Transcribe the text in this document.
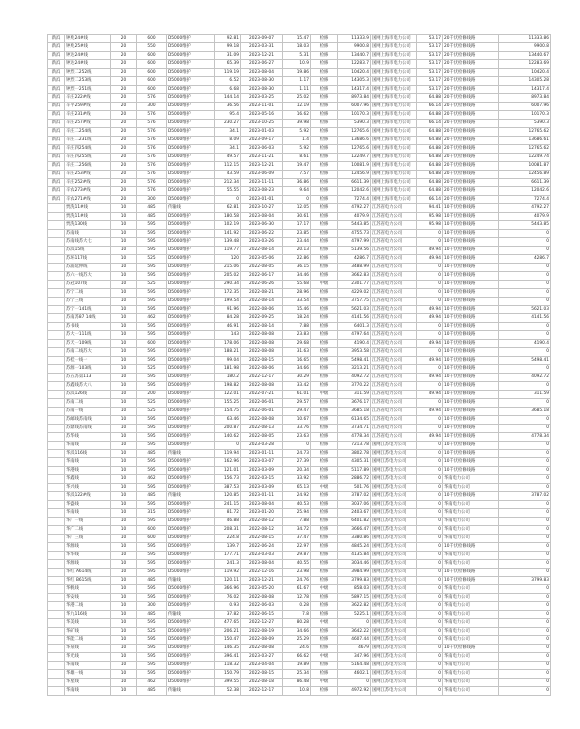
新浜	钟兆24#线	20	600	D5000维护	92.81	2023-09-07	15.47	检修	11333.9	国网上海市电力公司	53.17	20千伏检修线路	11333.86
新浜	钟兆25#线	20	550	D5000维护	99.18	2023-03-31	18.03	检修	9900.8	国网上海市电力公司	53.17	20千伏检修线路	9900.8
新浜	钟达24#线	20	600	D5000维护	31.09	2023-12-21	5.31	检修	13440.7	国网上海市电力公司	53.17	20千伏检修线路	13440.67
新浜	钟达24#线	20	600	D5000维护	65.39	2023-06-27	10.9	检修	12283.7	国网上海市电力公司	53.17	20千伏检修线路	12283.69
新浜	钟烈二252线	20	600	D5000维护	119.19	2023-08-04	19.86	检修	10420.4	国网上海市电力公司	53.17	20千伏检修线路	10420.4
新浜	钟烈二253线	20	600	D5000维护	6.52	2023-08-30	1.17	检修	14305.3	国网上海市电力公司	53.17	20千伏检修线路	14305.28
新浜	钟烈一251线	20	600	D5000维护	6.68	2023-08-30	1.11	检修	14317.4	国网上海市电力公司	53.17	20千伏检修线路	14317.4
新浜	辛庄222#线	20	576	D5000维护	144.14	2023-03-25	25.02	检修	8973.84	国网上海市电力公司	64.88	20千伏检修线路	8973.84
新浜	辛平259#线	20	300	D5000维护	36.56	2023-11-01	12.19	检修	6007.96	国网上海市电力公司	66.14	20千伏检修线路	6007.96
新浜	辛庄231#线	20	576	D5000维护	95.4	2023-05-16	16.62	检修	10170.3	国网上海市电力公司	64.88	20千伏检修线路	10170.3
新浜	辛庄257#线	20	576	D5000维护	230.27	2023-10-25	39.98	检修	5390.3	国网上海市电力公司	66.14	20千伏检修线路	5390.3
新浜	辛庄二254线	20	576	D5000维护	34.1	2023-01-03	5.92	检修	12765.6	国网上海市电力公司	64.88	20千伏检修线路	12765.62
新浜	辛庄二231线	20	576	D5000维护	8.09	2023-09-17	1.4	检修	13686.6	国网上海市电力公司	64.88	20千伏检修线路	13686.61
新浜	辛庄四254线	20	576	D5000维护	34.1	2023-06-03	5.92	检修	12765.6	国网上海市电力公司	64.88	20千伏检修线路	12765.62
新浜	辛庄四255线	20	576	D5000维护	49.57	2023-11-21	8.61	检修	12249.7	国网上海市电力公司	64.88	20千伏检修线路	12249.74
新浜	辛庄二256线	20	576	D5000维护	112.15	2023-12-21	19.47	检修	10081.9	国网上海市电力公司	64.88	20千伏检修线路	10081.87
新浜	辛庄253#线	20	576	D5000维护	43.59	2023-06-09	7.57	检修	12456.9	国网上海市电力公司	64.88	20千伏检修线路	12456.89
新浜	辛庄252#线	20	576	D5000维护	212.34	2023-11-11	36.86	检修	6611.39	国网上海市电力公司	64.88	20千伏检修线路	6611.39
新浜	辛农273#线	20	576	D5000维护	55.55	2023-08-23	9.64	检修	12042.6	国网上海市电力公司	64.88	20千伏检修线路	12042.6
新浜	辛农271#线	20	300	D5000维护	0	2023-01-01	0	检修	7274.4	国网上海市电力公司	66.14	20千伏检修线路	7274.4
	贾洗11#线	10	485	传输线	62.81	2023-10-27	12.05	检修	4792.27	江苏省电力公司	94.41	10千伏检修线路	4792.27
	贾洗11#线	10	485	D5000维护	180.58	2023-08-04	30.61	检修	4079.9	江苏省电力公司	95.98	10千伏检修线路	4079.9
	贾洗130线	10	595	D5000维护	102.19	2023-06-30	17.17	检修	5443.85	江苏省电力公司	95.98	10千伏检修线路	5443.85
	苏南线	10	595	D5000维护	141.92	2023-06-22	23.85	检修	4755.73	江苏省电力公司	0	10千伏检修线路	0
	苏南线苏大七	10	595	D5000维护	139.48	2023-03-26	23.44	检修	4797.99	江苏省电力公司	0	10千伏检修线路	0
	苏浜15线	10	595	D5000维护	119.77	2022-08-14	20.13	检修	5139.56	江苏省电力公司	49.94	10千伏检修线路	0
	苏环117线	10	525	D5000维护	120	2023-05-06	22.86	检修	4286.7	江苏省电力公司	49.94	10千伏检修线路	4286.7
	苏浦延伸线	10	595	D5000维护	215.06	2022-08-05	36.15	检修	3488.99	江苏省电力公司	0	10千伏检修线路	0
	苏六一线苏大	10	595	D5000维护	205.02	2022-06-17	34.46	检修	3662.83	江苏省电力公司	0	10千伏检修线路	0
	苏冠107线	10	525	D5000维护	290.34	2022-06-26	55.68	中级	2301.77	江苏省电力公司	0	10千伏检修线路	0
	苏宁二线	10	595	D5000维护	172.35	2022-08-21	28.96	检修	4229.02	江苏省电力公司	0	10千伏检修线路	0
	苏宁三线	10	595	D5000维护	199.54	2022-08-14	33.54	检修	3757.75	江苏省电力公司	0	10千伏检修线路	0
	苏宁一141线	10	595	D5000维护	91.96	2022-08-06	15.46	检修	5621.03	江苏省电力公司	49.94	10千伏检修线路	5621.03
	苏南苏87 14线	10	462	D5000维护	84.28	2022-09-25	18.24	检修	4141.56	江苏省电力公司	49.94	10千伏检修线路	4141.56
	苏书线	10	595	D5000维护	46.91	2022-08-14	7.88	检修	6401.3	江苏省电力公司	0	10千伏检修线路	0
	苏大一111线	10	595	D5000维护	143	2022-08-08	23.83	检修	4797.64	江苏省电力公司	0	10千伏检修线路	0
	苏天一109线	10	600	D5000维护	178.06	2022-08-08	29.68	检修	4190.4	江苏省电力公司	49.94	10千伏检修线路	4190.4
	苏南二线苏大	10	595	D5000维护	188.21	2022-08-08	31.63	检修	3953.58	江苏省电力公司	0	10千伏检修线路	0
	苏桂一线一	10	595	D5000维护	99.04	2022-08-15	16.65	检修	5498.41	江苏省电力公司	49.94	10千伏检修线路	5498.41
	苏源一103线	10	525	D5000维护	181.98	2022-08-06	34.66	检修	3213.21	江苏省电力公司	0	10千伏检修线路	0
	苏五苏第113	10	595	D5000维护	180.2	2022-12-17	30.29	检修	4092.72	江苏省电力公司	49.94	10千伏检修线路	4092.72
	苏鑫线苏大八	10	595	D5000维护	198.82	2022-08-08	33.42	检修	3770.22	江苏省电力公司	0	10千伏检修线路	0
	苏浜126线	10	200	D5000维护	122.01	2022-07-21	61.01	中级	311.59	江苏省电力公司	49.94	10千伏检修线路	311.59
	苏南二线	10	525	D5000维护	155.25	2022-06-01	29.57	检修	3676.17	江苏省电力公司	0	10千伏检修线路	0
	苏南一线	10	525	D5000维护	154.75	2022-06-01	29.47	检修	3685.18	江苏省电力公司	49.94	10千伏检修线路	3685.18
	苏邮线苏南线	10	595	D5000维护	63.46	2022-08-08	10.67	检修	6134.65	江苏省电力公司	0	10千伏检修线路	0
	苏鼎线苏南线	10	595	D5000维护	200.87	2022-08-13	33.76	检修	3734.71	江苏省电力公司	0	10千伏检修线路	0
	苏华线	10	595	D5000维护	140.62	2022-08-05	23.63	检修	4778.34	江苏省电力公司	49.94	10千伏检修线路	4778.34
	华南线	10	595	D5000维护	0	2023-03-28	0	检修	7213.78	国网江苏电力公司	0	10千伏检修线路	0
	华浜116线	10	485	传输线	119.94	2023-01-11	24.73	检修	3802.78	国网江苏电力公司	0	10千伏检修线路	0
	华南线	10	595	D5000维护	162.96	2023-03-07	27.39	检修	4305.31	国网江苏电力公司	0	10千伏检修线路	0
	华港线	10	595	D5000维护	121.01	2023-03-09	20.34	检修	5117.89	国网江苏电力公司	0	10千伏检修线路	0
	华鑫线	10	462	D5000维护	156.73	2022-03-15	33.92	检修	2886.72	国网江苏电力公司	0	华南电力公司	0
	华兴线	10	595	D5000维护	387.53	2023-03-09	65.13	中级	501.76	国网江苏电力公司	0	华南电力公司	0
	华浜122#线	10	485	传输线	120.85	2023-01-11	24.92	检修	3787.02	国网江苏电力公司	0	10千伏检修线路	3787.02
	华盛线	10	595	D5000维护	241.15	2023-08-04	40.53	检修	3037.06	国网江苏电力公司	0	华南电力公司	0
	华南线	10	315	D5000维护	81.72	2023-01-20	25.94	检修	2403.67	国网江苏电力公司	0	华南电力公司	0
	华广一线	10	595	D5000维护	46.88	2022-08-12	7.88	检修	6401.82	国网江苏电力公司	0	华南电力公司	0
	华广二线	10	600	D5000维护	208.31	2022-08-12	34.72	检修	3666.47	国网江苏电力公司	0	华南电力公司	0
	华广三线	10	600	D5000维护	224.8	2022-08-15	37.47	检修	3380.86	国网江苏电力公司	0	华南电力公司	0
	华源线	10	595	D5000维护	139.7	2022-06-24	22.97	检修	4845.24	国网江苏电力公司	0	10千伏检修线路	0
	华华线	10	595	D5000维护	177.71	2023-03-03	29.87	检修	4135.84	国网江苏电力公司	0	华南电力公司	0
	华源线	10	595	D5000维护	241.3	2023-08-04	40.55	检修	3034.46	国网江苏电力公司	0	华南电力公司	0
	华红 A614线	10	595	D5000维护	119.92	2022-12-16	23.98	检修	3984.99	国网江苏电力公司	0	10千伏检修线路	0
	华红 B615线	10	485	传输线	120.11	2023-12-21	24.76	检修	3799.83	国网江苏电力公司	0	10千伏检修线路	3799.83
	华帆线	10	595	D5000维护	366.96	2023-05-20	61.67	中级	858.03	国网江苏电力公司	0	华南电力公司	0
	华安线	10	595	D5000维护	76.02	2022-08-08	12.78	检修	5897.15	国网江苏电力公司	0	华南电力公司	0
	华港二线	10	300	D5000维护	0.93	2022-06-03	0.28	检修	3622.82	国网江苏电力公司	0	华南电力公司	0
	华九116线	10	485	传输线	37.82	2022-06-15	7.8	检修	5225.1	国网江苏电力公司	0	华南电力公司	0
	华美线	10	595	D5000维护	477.65	2022-12-27	80.28	中级	0	国网江苏电力公司	0	华南电力公司	0
	华矿线	10	525	D5000维护	206.21	2022-08-19	34.66	检修	3642.22	国网江苏电力公司	0	华南电力公司	0
	华能二线	10	595	D5000维护	150.47	2022-08-09	25.29	检修	4607.44	国网江苏电力公司	0	华南电力公司	0
	华泉线	10	595	D5000维护	146.35	2022-08-08	24.6	检修	4679	国网江苏电力公司	0	10千伏检修线路	0
	华光线	10	595	D5000维护	396.41	2023-03-27	66.62	中级	347.96	国网江苏电力公司	0	华南电力公司	0
	华南线	10	595	D5000维护	118.32	2023-04-04	19.89	检修	5164.48	国网江苏电力公司	0	华南电力公司	0
	华雄一线	10	595	D5000维护	150.79	2022-08-15	25.34	检修	4602.1	国网江苏电力公司	0	华南电力公司	0
	华星线	10	462	D5000维护	399.55	2022-08-18	86.48	中级	0	国网江苏电力公司	0	华南电力公司	0
	华南线	10	485	传输线	52.38	2022-12-17	10.8	检修	4972.92	国网江苏电力公司	0	华南电力公司	0
